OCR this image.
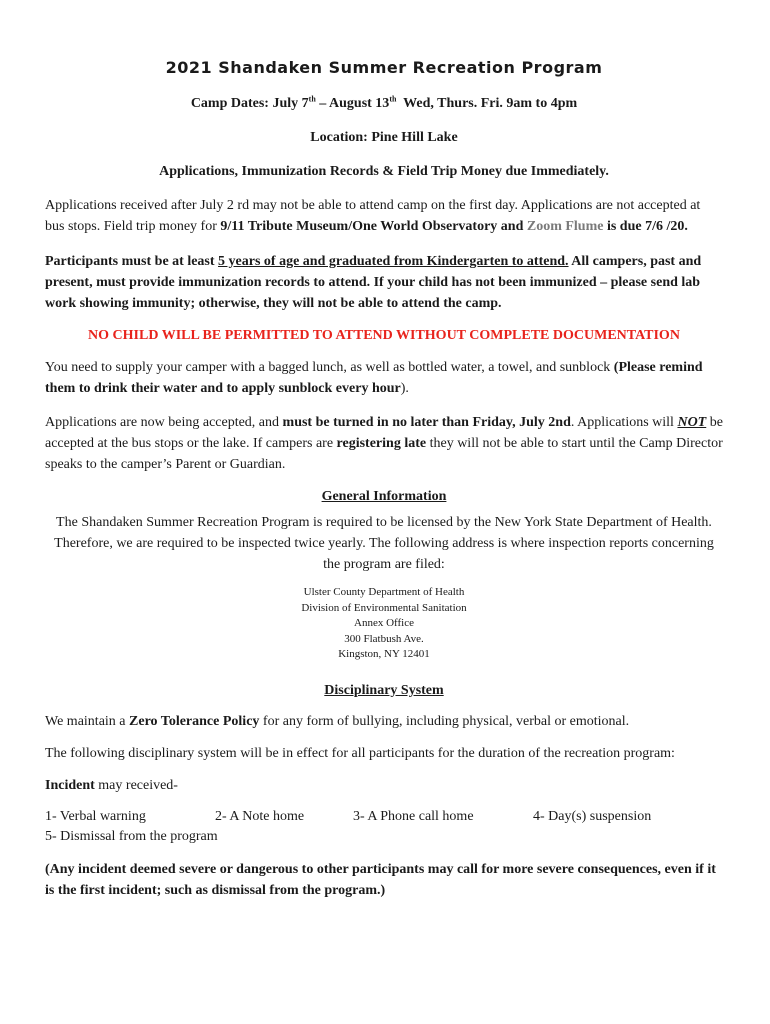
2021 Shandaken Summer Recreation Program

Camp Dates: July 7th – August 13th  Wed, Thurs. Fri. 9am to 4pm

Location: Pine Hill Lake

Applications, Immunization Records & Field Trip Money due Immediately.

Applications received after July 2 rd may not be able to attend camp on the first day. Applications are not accepted at bus stops. Field trip money for 9/11 Tribute Museum/One World Observatory and Zoom Flume is due 7/6 /20.

Participants must be at least 5 years of age and graduated from Kindergarten to attend. All campers, past and present, must provide immunization records to attend. If your child has not been immunized – please send lab work showing immunity; otherwise, they will not be able to attend the camp.

NO CHILD WILL BE PERMITTED TO ATTEND WITHOUT COMPLETE DOCUMENTATION

You need to supply your camper with a bagged lunch, as well as bottled water, a towel, and sunblock (Please remind them to drink their water and to apply sunblock every hour).

Applications are now being accepted, and must be turned in no later than Friday, July 2nd. Applications will NOT be accepted at the bus stops or the lake. If campers are registering late they will not be able to start until the Camp Director speaks to the camper’s Parent or Guardian.

General Information

The Shandaken Summer Recreation Program is required to be licensed by the New York State Department of Health. Therefore, we are required to be inspected twice yearly. The following address is where inspection reports concerning the program are filed:

Ulster County Department of Health

Division of Environmental Sanitation

Annex Office

300 Flatbush Ave.

Kingston, NY 12401

Disciplinary System

We maintain a Zero Tolerance Policy for any form of bullying, including physical, verbal or emotional.

The following disciplinary system will be in effect for all participants for the duration of the recreation program:

Incident may received-

1- Verbal warning	2- A Note home	3- A Phone call home	4- Day(s) suspension
5- Dismissal from the program

(Any incident deemed severe or dangerous to other participants may call for more severe consequences, even if it is the first incident; such as dismissal from the program.)
